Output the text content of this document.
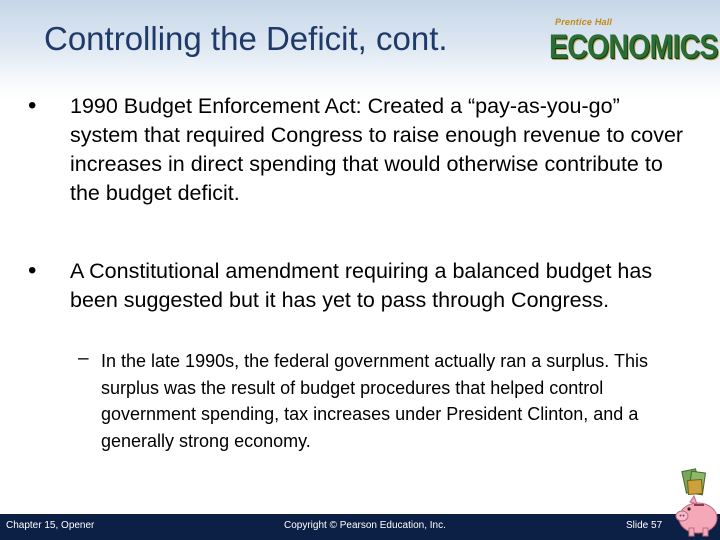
Controlling the Deficit, cont.	Prentice Hall
ECONOMICS
• 1990 Budget Enforcement Act: Created a “pay-as-you-go” system that required Congress to raise enough revenue to cover increases in direct spending that would otherwise contribute to the budget deficit.
• A Constitutional amendment requiring a balanced budget has been suggested but it has yet to pass through Congress.
– In the late 1990s, the federal government actually ran a surplus. This surplus was the result of budget procedures that helped control government spending, tax increases under President Clinton, and a generally strong economy.
Chapter 15, Opener	Copyright © Pearson Education, Inc.	Slide 57
